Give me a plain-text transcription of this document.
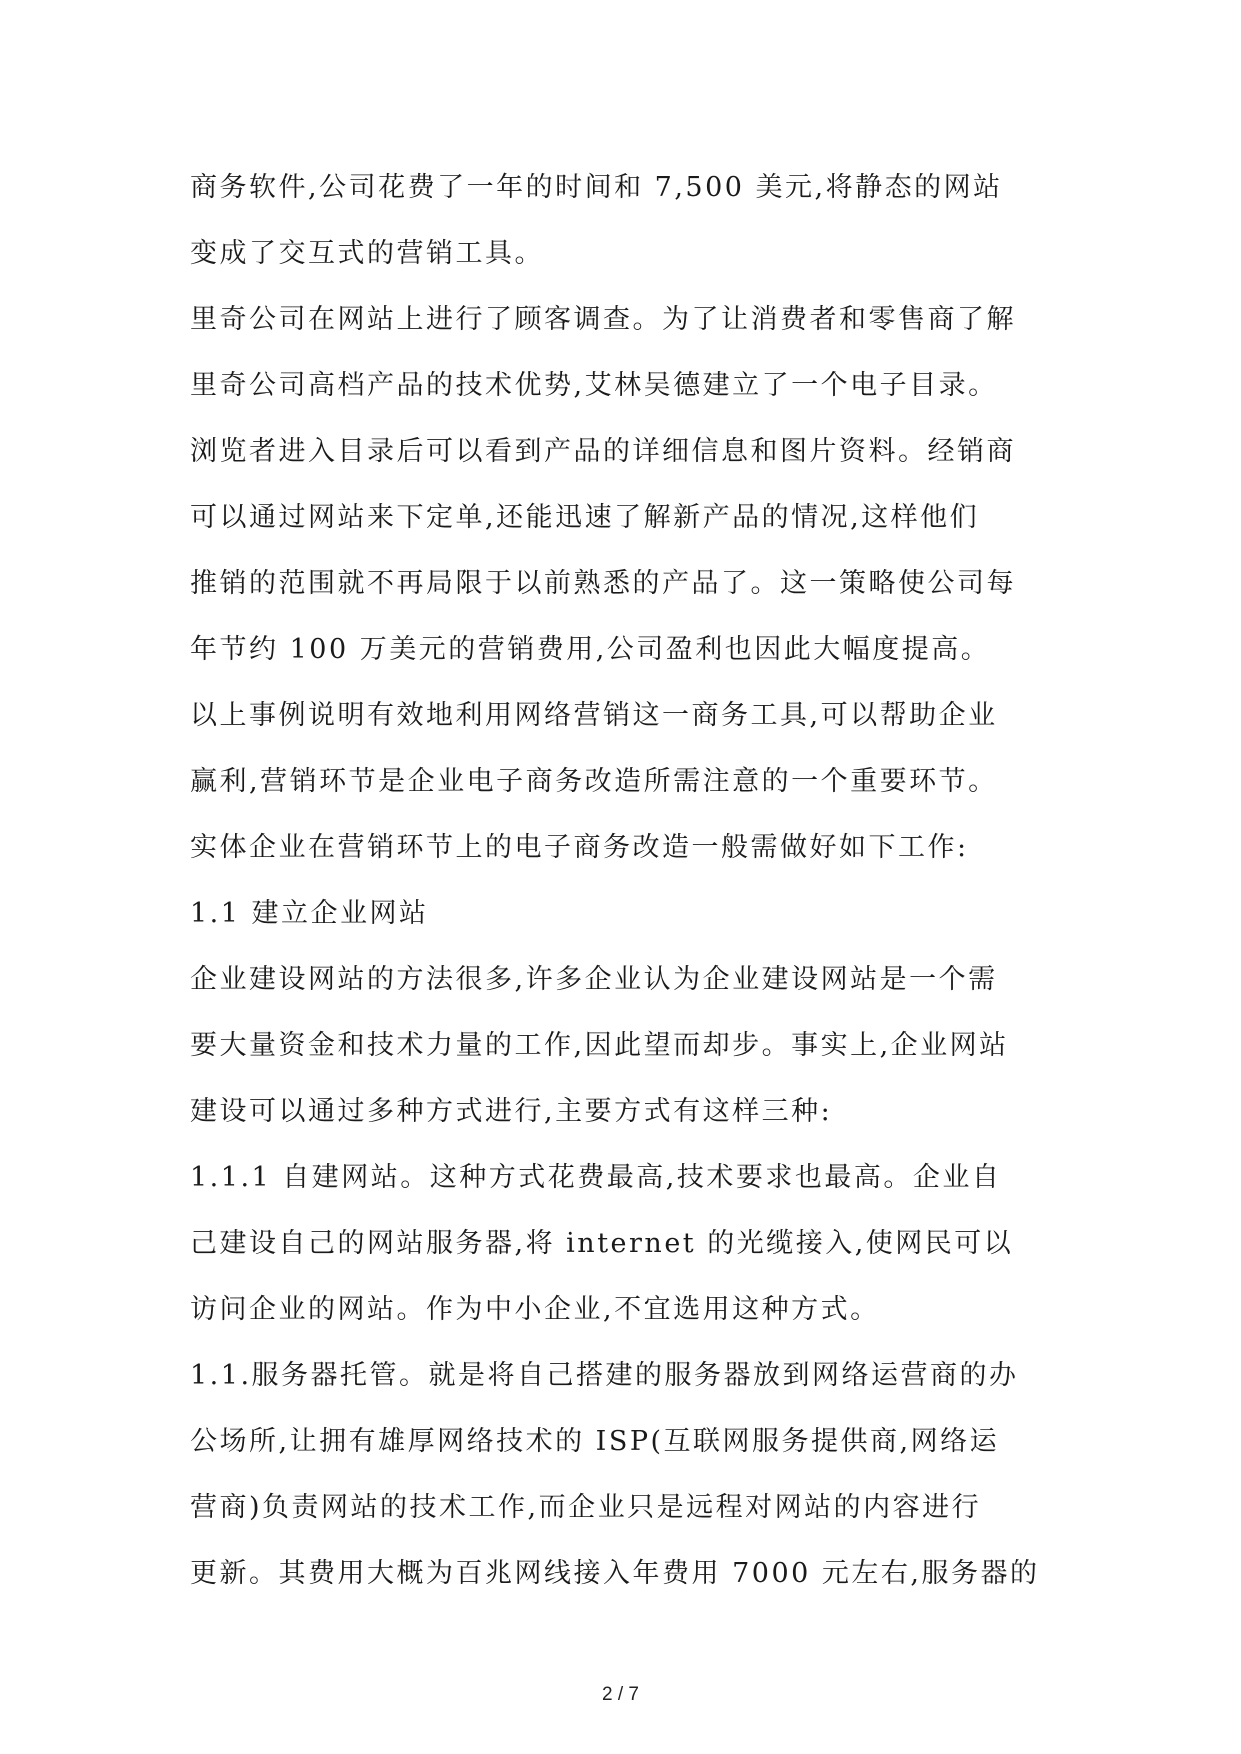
商务软件,公司花费了一年的时间和 7,500 美元,将静态的网站
变成了交互式的营销工具。
里奇公司在网站上进行了顾客调查。为了让消费者和零售商了解
里奇公司高档产品的技术优势,艾林吴德建立了一个电子目录。
浏览者进入目录后可以看到产品的详细信息和图片资料。经销商
可以通过网站来下定单,还能迅速了解新产品的情况,这样他们
推销的范围就不再局限于以前熟悉的产品了。这一策略使公司每
年节约 100 万美元的营销费用,公司盈利也因此大幅度提高。
以上事例说明有效地利用网络营销这一商务工具,可以帮助企业
赢利,营销环节是企业电子商务改造所需注意的一个重要环节。
实体企业在营销环节上的电子商务改造一般需做好如下工作:
1.1 建立企业网站
企业建设网站的方法很多,许多企业认为企业建设网站是一个需
要大量资金和技术力量的工作,因此望而却步。事实上,企业网站
建设可以通过多种方式进行,主要方式有这样三种:
1.1.1 自建网站。这种方式花费最高,技术要求也最高。企业自
己建设自己的网站服务器,将 internet 的光缆接入,使网民可以
访问企业的网站。作为中小企业,不宜选用这种方式。
1.1.服务器托管。就是将自己搭建的服务器放到网络运营商的办
公场所,让拥有雄厚网络技术的 ISP(互联网服务提供商,网络运
营商)负责网站的技术工作,而企业只是远程对网站的内容进行
更新。其费用大概为百兆网线接入年费用 7000 元左右,服务器的
2 / 7
